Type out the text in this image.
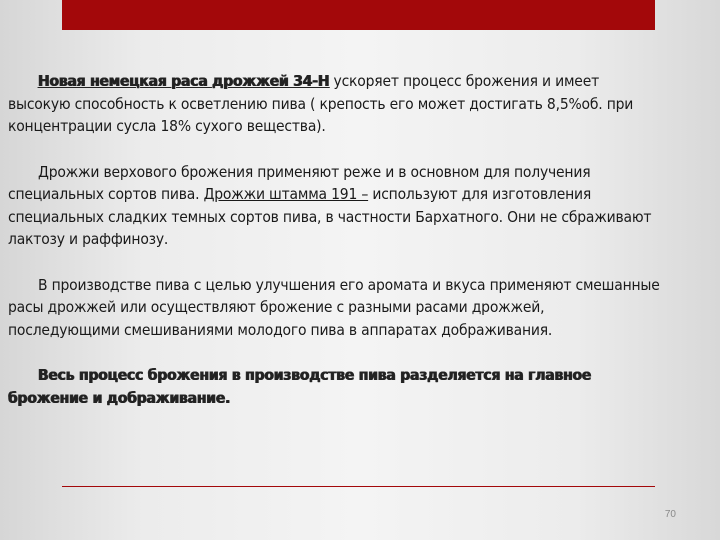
Новая немецкая раса дрожжей 34-Н ускоряет процесс брожения и имеет высокую способность к осветлению пива ( крепость его может достигать 8,5%об. при концентрации сусла 18% сухого вещества).

Дрожжи верхового брожения применяют реже и в основном для получения специальных сортов пива. Дрожжи штамма 191 – используют для изготовления специальных сладких темных сортов пива, в частности Бархатного. Они не сбраживают лактозу и раффинозу.

В производстве пива с целью улучшения его аромата и вкуса применяют смешанные расы дрожжей или осуществляют брожение с разными расами дрожжей, последующими смешиваниями молодого пива в аппаратах дображивания.

Весь процесс брожения в производстве пива разделяется на главное брожение и дображивание.

70
